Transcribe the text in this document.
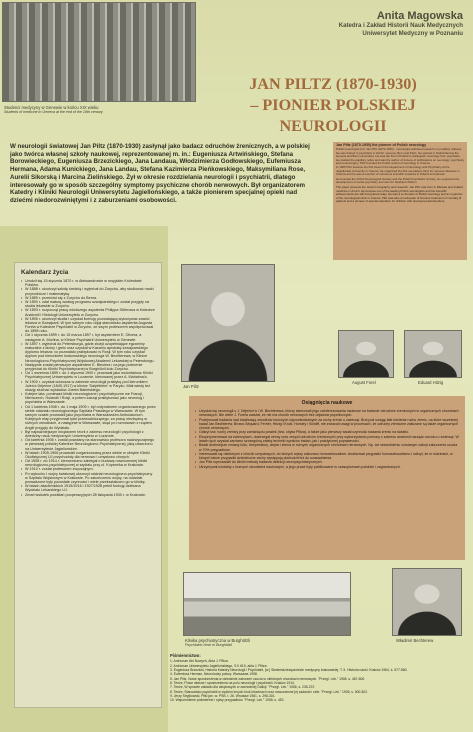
Studenci medycyny w Genewie w końcu XIX wieku
Students of medicine in Geneva at the end of the 19th century
Anita Magowska
Katedra i Zakład Historii Nauk Medycznych
Uniwersytet Medyczny w Poznaniu
JAN PILTZ (1870-1930)
– PIONIER POLSKIEJ NEUROLOGII
W neurologii światowej Jan Piltz (1870-1930) zasłynął jako badacz odruchów źrenicznych, a w polskiej jako twórca własnej szkoły naukowej, reprezentowanej m. in.: Eugeniusza Artwińskiego, Stefana Borowieckiego, Eugeniusza Brzezickiego, Jana Landaua, Włodzimierza Godłowskiego, Eufemiusza Hermana, Adama Kunickiego, Jana Landau, Stefana Kazimierza Pieńkowskiego, Maksymiliana Rose, Aurelii Sikorską i Marcina Zielińskiego. Żył w okresie rozdzielania neurologii i psychiatrii, dlatego interesowały go w sposób szczególny symptomy psychiczne chorób nerwowych. Był organizatorem Katedry i Kliniki Neurologii Uniwersytetu Jagiellońskiego, a także pionierem specjalnej opieki nad dziećmi niedorozwiniętymi i z zaburzeniami osobowości.
Jan Piltz (1870-1930) the pioneer of Polish neurology

Polish neurologist prof. Jan Piltz (1870-1930) - neurologist authored research on pupillary reflexes. He was trained in psychiatry in Zurich, Geneva, Bern and Paris. He worked in Switzerland at the Geneva and Bern universities. He was the first in Poland to distinguish neurology from psychiatry. He studied the papillary reflex and was the author of dozens of publications on neurology, psychiatry and neurosurgery. Piltz founded the Polish school of neurology in Cracow.

In 1905 Piltz became the first head of the Department of Neurology and Psychiatry at the Jagiellonian University in Cracow. He organized the first out-patient clinic for nervous diseases in Cracow and he was a member of numerous scientific societies in Poland and abroad.

He founded the Polish Neurological Society and the Polish Psychiatric Society. He supported the development of social psychiatry and care for disabled children.

The paper presents the doctor's biography and research. Jan Piltz was born in Warsaw and studied medicine in Zurich. He became one of the leading Polish neurologists and his scientific achievements are still recognized today. He was a co-founder of Polish neurology and an organizer of the neurological clinic in Cracow. Piltz was also an advocate of humane treatment of mentally ill patients and a pioneer of special education for children with developmental disorders.

Kalendarz życia
• Urodził się 15 stycznia 1870 r. w Aleksandrowie w rosyjskim Królestwie Polskim.
• W 1888 r. ukończył szkołę średnią i wyjechał do Zurychu, aby studiować nauki przyrodnicze i matematykę.
• W 1889 r. przeniósł się z Zurychu do Berna.
• W 1890 r. zdał maturę według programu szwajcarskiego i został przyjęty na studia lekarskie w Zurychu.
• W 1893 r. rozpoczął pracę młodszego asystenta Philippa Stöhrowa w Katedrze Anatomii i Histologii Uniwersytetu w Zurychu.
• W 1895 r. ukończył studia i uzyskał licencję pozwalającą wykonywać zawód lekarza w Szwajcarii. W tym samym roku objął stanowisko asystenta Augusta Forela w Katedrze Psychiatrii w Zurychu, ze swym profesorem współpracował do 1898 roku.
• Od 1 stycznia 1899 r. do 15 marca 1897 r. był asystentem E. Olivera, a następnie A. Morlina, w Klinice Psychiatrii Uniwersytetu w Genewie.
• W 1897 r. wyjechał do Petersburga, gdzie złożył uzupełniające egzaminy maturalne z łaciny i greki oraz uzyskał w Kazaniu aprobatę szwajcarskiego dyplomu lekarza; co pozwalało praktykować w Rosji. W tym roku uzyskał dyplom pod kierunkiem krakowskiego neurologa W. Bechterewa, w Klinice Neurologiczno-Psychiatrycznej Wojskowej Akademii Lekarskiej w Petersburgu.
• Następnie został pierwszym asystentem E. Bleulera i na jego polecenie przyjechał do Kliniki Psychiatrycznej w Burghölzli koło Zurychu.
• Od 1 września 1899 r. do 1 stycznia 1900 r. pracował jako wolontariusz Kliniki Psychiatrycznej Uniwersytetu w Lozannie, kierowanej przez A. Mahaima'a.
• W 1900 r. uzyskał wówczas w zakresie neurologii praktykę pod kierunkiem Jules'a Déjerine (1849-1917) w klinice 'Salpêtrière' w Paryżu. Miał wtedy też okazję słuchać wykładów Józefa Babińskiego.
• Kolejne lata, ponieważ kliniki neurologiczne i psychiatryczne we Francji, Niemczech, Holandii i Rosji, a potem zaczął praktykować jako neurolog i psychiatra w Warszawie.
• Od 1 kwietnia 1908 r. do 1 maja 1909 r. był ordynatorem organizowanego przez siebie oddziału neurologicznego Szpitala Praskiego w Warszawie. W tym samym czasie prowadził jako psychiatra w Warszawskim Ambulatorium. Kolejnych etap przyjmował tytuł przewodniczącego, za pracę niezbędną w różnych ośrodkach, a następnie w Warszawie, skąd po rozmowach z rządem Anglii przyjęty do Wydziału.
• Był najważniejszym inicjatorem teorii z zakresu neurologii i psychologii z dziedziny nauk medycznych Uniwersytetu w Lozannie.
• Od kwietnia 1905 r. został powołany na stanowisko profesora nadzwyczajnego w pierwszej polskiej Katedrze Neurologiczno-Psychiatrycznej, jaką utworzono na Uniwersytecie Jagiellońskim.
• W latach 1905-1906 prowadził zorganizowaną przez siebie w obrębie Kliniki Okulistycznej UJ przychodnię dla nerwowo i umysłowo chorych.
• Od 1908 r. do 1914 r. kierowniczno zabiegał o budowę nowoczesnej kliniki neurologiczno-psychiatrycznej w szpitalu przy ul. Kopernika w Krakowie.
• W 1910 r. został profesorem zwyczajnym.
• Po wybuchu I wojny światowej utworzył oddział neurologiczno-psychiatryczny w Szpitalu Wojskowym w Krakowie. Po zakończeniu wojny, na oddziale prowadzone były pozostałe czynności i wiele przekształcono go w klinikę.
• W latach akademickich 1915/1916 i 1927/1928 pełnił funkcję dziekana Wydziału Lekarskiego UJ.
• Zmarł wskutek powikłań pooperacyjnych 28 listopada 1930 r. w Krakowie.
Jan Piltz
August Forel	Eduard Hitzig
Osiągnięcia naukowe
• Uzyskał się neurologii u J. Déjerine'a i W. Bechterewa, którzy skierowali jego zainteresowania naukowe na badanie odruchów źrenicznych w organicznych chorobach nerwowych. Nie wiele J. Forela uważał, że nie ma chorób nerwowych bez objawów psychicznych.
• Podejmował badania nad lokalizacją ośrodków korowych odpowiedzialnych za ruchy źrenic u zwierząt. Brał pod uwagę fakt istnienia ruchu źrenic, na które wcześniej badał Jan Bechterew, Brown-Séquard, Ferrier, Hitzig i Knoll, Horsley i Schäff, nie zwracali uwagi w procesach, że odruchy źreniczne zaliczane są także organicznych chorób nerwowych.
• Odkrył tzw. ruchy źrenicy przy zamknięciu powiek (tzw. objaw Piltza), a także jako pierwszy badał czynność badania źrenic na światło.
• Eksperymentował na zwierzętach, dostrzegał nerwy oraz zespół odruchów źrenicznych przy wykorzystaniu pomocy z zakresu anatomii narządu wzroku u zwierząt. W latach tych uzyskał zarówno szczególną zaletę techniki wyników badań, jak i praktycznej poprawności.
• Badał drobniejsze zmiany bólu, temperatury, ciepła i zimna w różnych organicznych chorobach nerwowych. Np. we stwardnieniu rozsianym odkrył zaburzenia czucia w 70% przypadków.
• Interesował się niektórymi z chorób umysłowych, do których wpisy zaliczano homoseksualizm. Analizował przypadki homoseksualizmu i odkrył, że w rodzinach, w których także przypadki dziedziczne cechy występują dochodził też do uzasadnienia.
• Jan Piltz wprowadził do kliniki metody badania definicji neuropsychiatrycznych.
• Utrzymywał kontakty z licznymi ośrodkami naukowymi, a jego prace były publikowane w czasopismach polskich i zagranicznych.
Klinika psychiatryczna w Burghölzli
Psychiatric clinic in Burghölzli
Władimir Bechterew
Piśmiennictwo:
1. Archiwum Akt Nowych, Akta J. Piltza.
2. Archiwum Uniwersytetu Jagiellońskiego, S II 619, akta J. Piltza.
3. Eugeniusz Brzezicki, Historia Katedry Neurologii i Psychiatrii, [w:] Siedemdziesięciolecie medycyny krakowskiej. T. II. Historia nauki. Kraków 1964, s. 577-580.
4. Eufemiusz Herman, Neurolodzy polscy. Warszawa 1958.
5. Jan Piltz, Nowe spostrzeżenia w dziedzinie zaburzeń czucia w niektórych chorobach nerwowych. "Przegl. Lek." 1908, s. 487-600.
6. Tenże, Prace własne i spostrzeżenia na polu neurologii i psychiatrii. Kraków 1914.
7. Tenże, W sprawie zakładu dla dziąkowych w zachodniej Galicji. "Przegl. Lek." 1906, s. 235-237.
8. Tenże, Stanowisko psychiatrii w ciężkim innych kruk leksenach oraz nowoczesne jej zadania i cele. "Przegl. Lek." 1905, s. 500-502.
9. Jerzy Stryjkowski, Piłki jan. w: PSB. t. 26. Wrocław 1981, s. 298-301.
10. Wspomnienie pośmiertne i opisy przypadków. "Przegl. Lek." 1908, s. 452.
